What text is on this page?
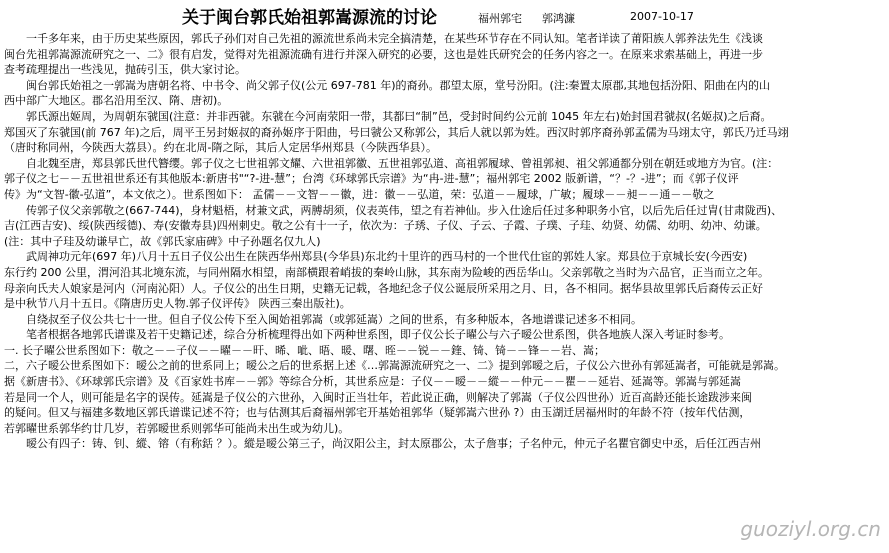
关于闽台郭氏始祖郭嵩源流的讨论	福州郭宅 郭鸿濂	2007-10-17
一千多年来，由于历史某些原因，郭氏子孙们对自己先祖的源流世系尚未完全搞清楚，在某些环节存在不同认知。笔者详读了莆阳族人郭养法先生《浅谈
闽台先祖郭嵩源流研究之一、二》很有启发，觉得对先祖源流确有进行并深入研究的必要，这也是姓氏研究会的任务内容之一。在原来求索基础上，再进一步
查考疏理提出一些浅见，抛砖引玉，供大家讨论。
闽台郭氏始祖之一郭嵩为唐朝名将、中书令、尚父郭子仪(公元 697-781 年)的裔孙。郡望太原，堂号汾阳。(注:秦置太原郡,其地包括汾阳、阳曲在内的山
西中部广大地区。郡名沿用至汉、隋、唐初)。
郭氏源出姬周，为周朝东虢国(注意：并非西虢。东虢在今河南荥阳一带，其都曰“制”邑，受封时间约公元前 1045 年左右)始封国君虢叔(名姬叔)之后裔。
郑国灭了东虢国(前 767 年)之后，周平王另封姬叔的裔孙姬序于阳曲，号曰虢公又称郭公，其后人就以郭为姓。西汉时郭序裔孙郭孟儒为马翊太守，郭氏乃迁马翊
（唐时称同州，今陕西大荔县）。约在北周-隋之际，其后人定居华州郑县（今陕西华县）。
自北魏至唐，郑县郭氏世代簪缨。郭子仪之七世祖郭文耀、六世祖郭徽、五世祖郭弘道、高祖郭履球、曾祖郭昶、祖父郭通都分别在朝廷或地方为官。(注：
郭子仪之七－－五世祖世系还有其他版本:新唐书"“?-进-慧”；台湾《环球郭氏宗谱》为“冉-进-慧”；福州郭宅 2002 版新谱，“？-？-进”；而《郭子仪评
传》为“文智-徽-弘道”，本文依之）。世系图如下： 孟儒－－文智－－徽，进：徽－－弘道，荣：弘道－－履球，广敏；履球－－昶－－通－－敬之
传郭子仪父亲郭敬之(667-744)，身材魁梧，材兼文武，两膊胡须，仪表英伟，望之有若神仙。步入仕途后任过多种职务小官，以后先后任过胄(甘肃陇西)、
吉(江西吉安)、绥(陕西绥德)、寿(安徽寿县)四州刺史。敬之公有十一子，依次为：子琇、子仪、子云、子霞、子璞、子珪、幼贤、幼儒、幼明、幼冲、幼谦。
(注：其中子珪及幼谦早亡，故《郭氏家庙碑》中子孙题名仅九人)
武周神功元年(697 年)八月十五日子仪公出生在陕西华州郑县(今华县)东北约十里许的西马村的一个世代仕宦的郭姓人家。郑县位于京城长安(今西安)
东行约 200 公里，渭河沿其北境东流，与同州隔水相望，南部横跟着峭拔的秦岭山脉，其东南为险峻的西岳华山。父亲郭敬之当时为六品官，正当而立之年。
母亲向氏夫人娘家是河内（河南沁阳）人。子仪公的出生日期，史籍无记载，各地纪念子仪公诞辰所采用之月、日，各不相同。据华县故里郭氏后裔传云正好
是中秋节八月十五日。《隋唐历史人物.郭子仪评传》 陕西三秦出版社)。
自绕叔至子仪公共七十一世。但自子仪公传下至入闽始祖郭嵩（或郭延嵩）之间的世系，有多种版本，各地谱谍记述多不相同。
笔者根据各地郭氏谱谍及若干史籍记述，综合分析梳理得出如下两种世系图，即子仪公长子曜公与六子暧公世系图，供各地族人深入考证时参考。
一. 长子曜公世系图如下：敬之－－子仪－－曜－－旰、晞、呲、晤、暖、曙、晊－－锐－－鍷、锜、锜－－锋－－岩、嵩；
二，六子暧公世系图如下：暧公之前的世系同上；暧公之后的世系据上述《…郭嵩源流研究之一、二》提到郭暧之后，子仪公六世孙有郭延嵩者，可能就是郭嵩。
据《新唐书》、《环球郭氏宗谱》及《百家姓书库－－郭》等综合分析，其世系应是：子仪－－暧－－縱－－仲元－－瞿－－延岩、延嵩等。郭嵩与郭延嵩
若是同一个人，则可能是名字的误传。延嵩是子仪公的六世孙，入闽时正当壮年，若此说正确，则解决了郭嵩（子仪公四世孙）近百高龄还能长途跋涉来闽
的疑问。但又与福建多数地区郭氏谱谍记述不符；也与估测其后裔福州郭宅开基始祖郭华（疑郭嵩六世孙 ?）由玉湖迁居福州时的年龄不符（按年代估测，
若郭曜世系郭华约廿几岁，若郭暧世系则郭华可能尚未出生或为幼儿)。
暧公有四子：铸、钊、縱、镕（有称銛 ？）。縱是暧公第三子，尚汉阳公主，封太原郡公，太子詹事；子名仲元，仲元子名瞿官御史中丞，后任江西吉州
guoziyl.org.cn
